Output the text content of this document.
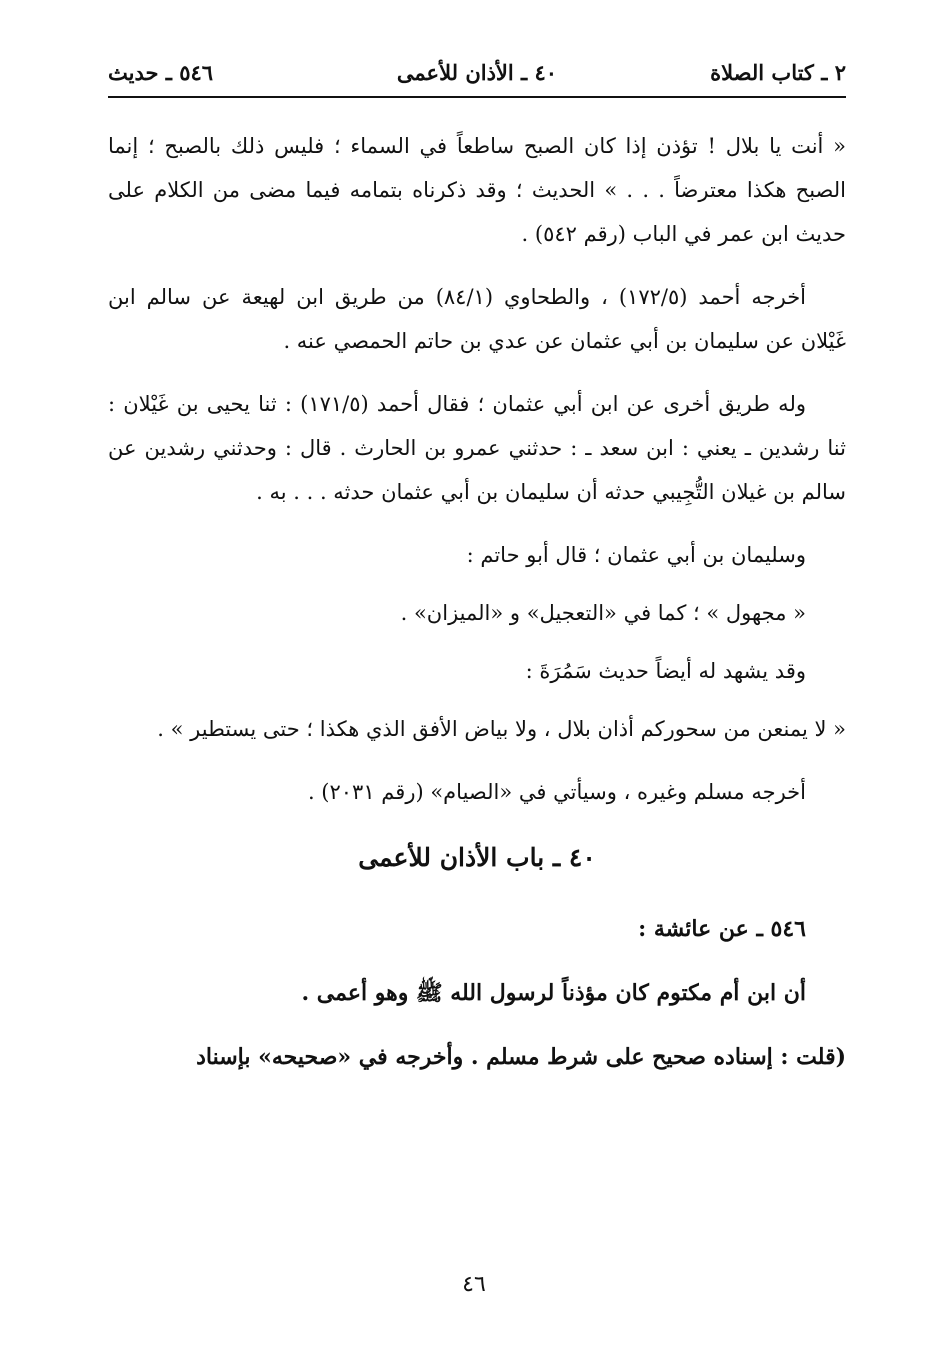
٢ ـ كتاب الصلاة
٤٠ ـ الأذان للأعمى
٥٤٦ ـ حديث

« أنت يا بلال ! تؤذن إذا كان الصبح ساطعاً في السماء ؛ فليس ذلك بالصبح ؛ إنما الصبح هكذا معترضاً . . . » الحديث ؛ وقد ذكرناه بتمامه فيما مضى من الكلام على حديث ابن عمر في الباب (رقم ٥٤٢) .

أخرجه أحمد (١٧٢/٥) ، والطحاوي (٨٤/١) من طريق ابن لهيعة عن سالم ابن غَيْلان عن سليمان بن أبي عثمان عن عدي بن حاتم الحمصي عنه .

وله طريق أخرى عن ابن أبي عثمان ؛ فقال أحمد (١٧١/٥) : ثنا يحيى بن غَيْلان : ثنا رشدين ـ يعني : ابن سعد ـ : حدثني عمرو بن الحارث . قال : وحدثني رشدين عن سالم بن غيلان التُّجِيبي حدثه أن سليمان بن أبي عثمان حدثه . . . به .

وسليمان بن أبي عثمان ؛ قال أبو حاتم :

« مجهول » ؛ كما في «التعجيل» و «الميزان» .

وقد يشهد له أيضاً حديث سَمُرَةَ :

« لا يمنعن من سحوركم أذان بلال ، ولا بياض الأفق الذي هكذا ؛ حتى يستطير » .

أخرجه مسلم وغيره ، وسيأتي في «الصيام» (رقم ٢٠٣١) .

٤٠ ـ باب الأذان للأعمى

٥٤٦ ـ عن عائشة :

أن ابن أم مكتوم كان مؤذناً لرسول الله ﷺ وهو أعمى .

(قلت : إسناده صحيح على شرط مسلم . وأخرجه في «صحيحه» بإسناد

٤٦
